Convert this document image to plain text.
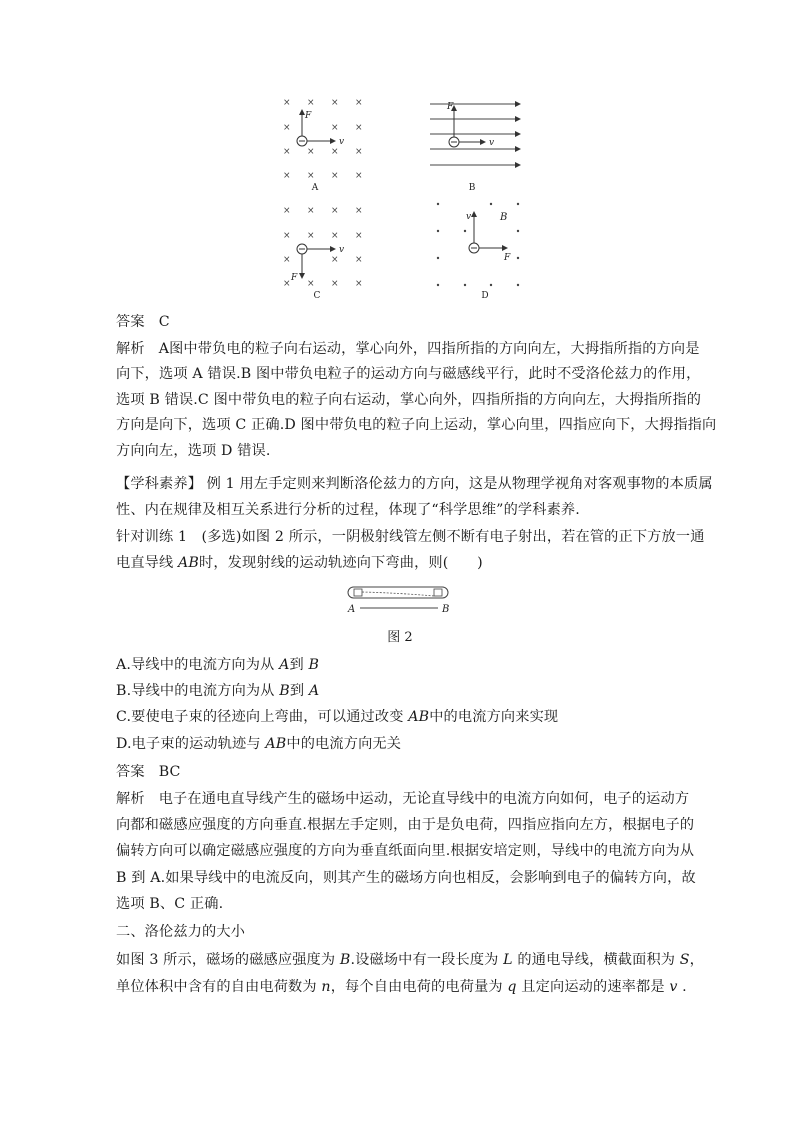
× × × ×
×	× ×
× × × ×
× × × ×
F
v
A
F
v
B
× × × ×
× × × ×
×	× ×
× × × ×
F
v
C
v	B
F
D
答案 C
解析 A图中带负电的粒子向右运动，掌心向外，四指所指的方向向左，大拇指所指的方向是
向下，选项 A 错误.B 图中带负电粒子的运动方向与磁感线平行，此时不受洛伦兹力的作用，
选项 B 错误.C 图中带负电的粒子向右运动，掌心向外，四指所指的方向向左，大拇指所指的
方向是向下，选项 C 正确.D 图中带负电的粒子向上运动，掌心向里，四指应向下，大拇指指向
方向向左，选项 D 错误.
【学科素养】 例 1 用左手定则来判断洛伦兹力的方向，这是从物理学视角对客观事物的本质属
性、内在规律及相互关系进行分析的过程，体现了“科学思维”的学科素养.
针对训练 1　(多选)如图 2 所示，一阴极射线管左侧不断有电子射出，若在管的正下方放一通
电直导线 AB时，发现射线的运动轨迹向下弯曲，则(　　)
A	B
图 2
A.导线中的电流方向为从 A到 B
B.导线中的电流方向为从 B到 A
C.要使电子束的径迹向上弯曲，可以通过改变 AB中的电流方向来实现
D.电子束的运动轨迹与 AB中的电流方向无关
答案 BC
解析 电子在通电直导线产生的磁场中运动，无论直导线中的电流方向如何，电子的运动方
向都和磁感应强度的方向垂直.根据左手定则，由于是负电荷，四指应指向左方，根据电子的
偏转方向可以确定磁感应强度的方向为垂直纸面向里.根据安培定则，导线中的电流方向为从
B 到 A.如果导线中的电流反向，则其产生的磁场方向也相反，会影响到电子的偏转方向，故
选项 B、C 正确.
二、洛伦兹力的大小
如图 3 所示，磁场的磁感应强度为 B.设磁场中有一段长度为 L 的通电导线，横截面积为 S，
单位体积中含有的自由电荷数为 n，每个自由电荷的电荷量为 q 且定向运动的速率都是 v .
